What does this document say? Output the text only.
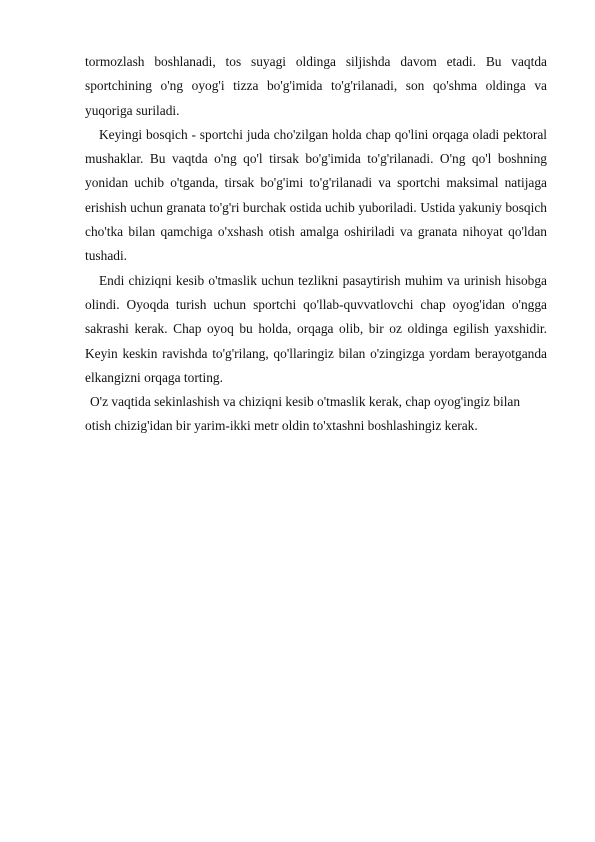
tormozlash boshlanadi, tos suyagi oldinga siljishda davom etadi. Bu vaqtda sportchining o'ng oyog'i tizza bo'g'imida to'g'rilanadi, son qo'shma oldinga va yuqoriga suriladi.

Keyingi bosqich - sportchi juda cho'zilgan holda chap qo'lini orqaga oladi pektoral mushaklar. Bu vaqtda o'ng qo'l tirsak bo'g'imida to'g'rilanadi. O'ng qo'l boshning yonidan uchib o'tganda, tirsak bo'g'imi to'g'rilanadi va sportchi maksimal natijaga erishish uchun granata to'g'ri burchak ostida uchib yuboriladi. Ustida yakuniy bosqich cho'tka bilan qamchiga o'xshash otish amalga oshiriladi va granata nihoyat qo'ldan tushadi.

Endi chiziqni kesib o'tmaslik uchun tezlikni pasaytirish muhim va urinish hisobga olindi. Oyoqda turish uchun sportchi qo'llab-quvvatlovchi chap oyog'idan o'ngga sakrashi kerak. Chap oyoq bu holda, orqaga olib, bir oz oldinga egilish yaxshidir. Keyin keskin ravishda to'g'rilang, qo'llaringiz bilan o'zingizga yordam berayotganda elkangizni orqaga torting.

O'z vaqtida sekinlashish va chiziqni kesib o'tmaslik kerak, chap oyog'ingiz bilan

otish chizig'idan bir yarim-ikki metr oldin to'xtashni boshlashingiz kerak.
